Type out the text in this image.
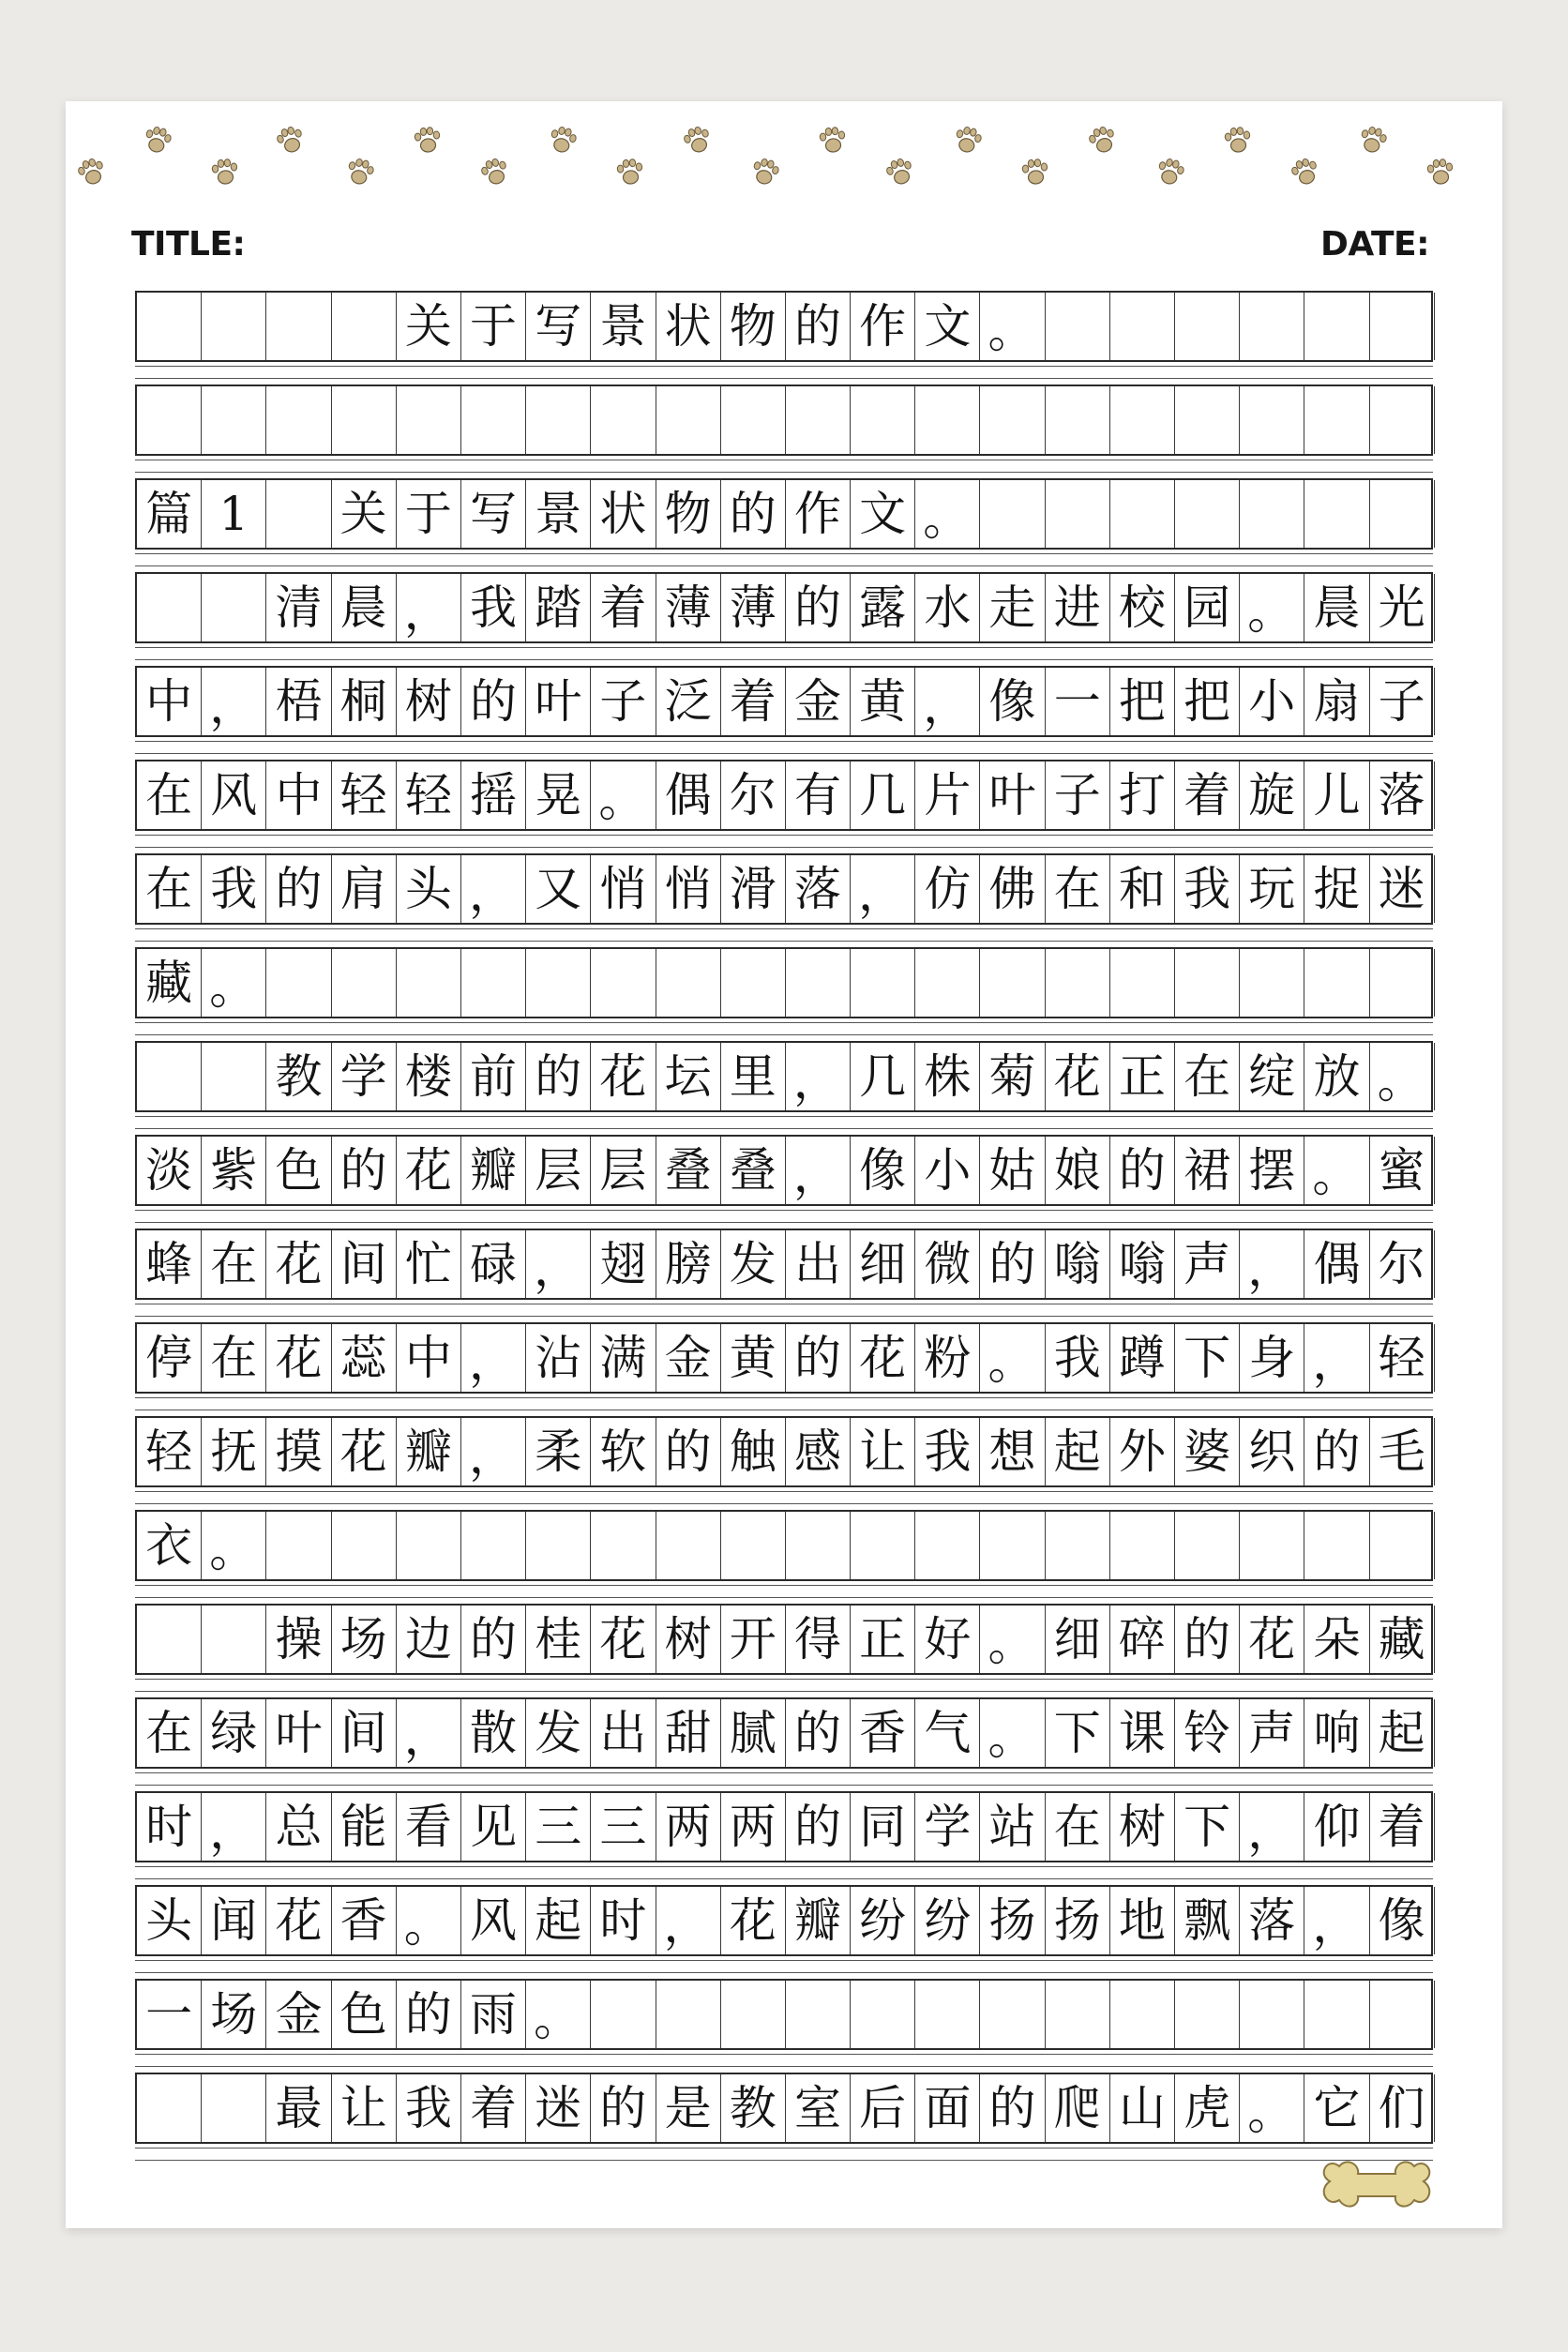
TITLE:	DATE:
关 于 写 景 状 物 的 作 文 。
篇 1	关 于 写 景 状 物 的 作 文 。
清 晨 ， 我 踏 着 薄 薄 的 露 水 走 进 校 园 。 晨 光
中 ， 梧 桐 树 的 叶 子 泛 着 金 黄 ， 像 一 把 把 小 扇 子
在 风 中 轻 轻 摇 晃 。 偶 尔 有 几 片 叶 子 打 着 旋 儿 落
在 我 的 肩 头 ， 又 悄 悄 滑 落 ， 仿 佛 在 和 我 玩 捉 迷
藏 。
教 学 楼 前 的 花 坛 里 ， 几 株 菊 花 正 在 绽 放 。
淡 紫 色 的 花 瓣 层 层 叠 叠 ， 像 小 姑 娘 的 裙 摆 。 蜜
蜂 在 花 间 忙 碌 ， 翅 膀 发 出 细 微 的 嗡 嗡 声 ， 偶 尔
停 在 花 蕊 中 ， 沾 满 金 黄 的 花 粉 。 我 蹲 下 身 ， 轻
轻 抚 摸 花 瓣 ， 柔 软 的 触 感 让 我 想 起 外 婆 织 的 毛
衣 。
操 场 边 的 桂 花 树 开 得 正 好 。 细 碎 的 花 朵 藏
在 绿 叶 间 ， 散 发 出 甜 腻 的 香 气 。 下 课 铃 声 响 起
时 ， 总 能 看 见 三 三 两 两 的 同 学 站 在 树 下 ， 仰 着
头 闻 花 香 。 风 起 时 ， 花 瓣 纷 纷 扬 扬 地 飘 落 ， 像
一 场 金 色 的 雨 。
最 让 我 着 迷 的 是 教 室 后 面 的 爬 山 虎 。 它 们
